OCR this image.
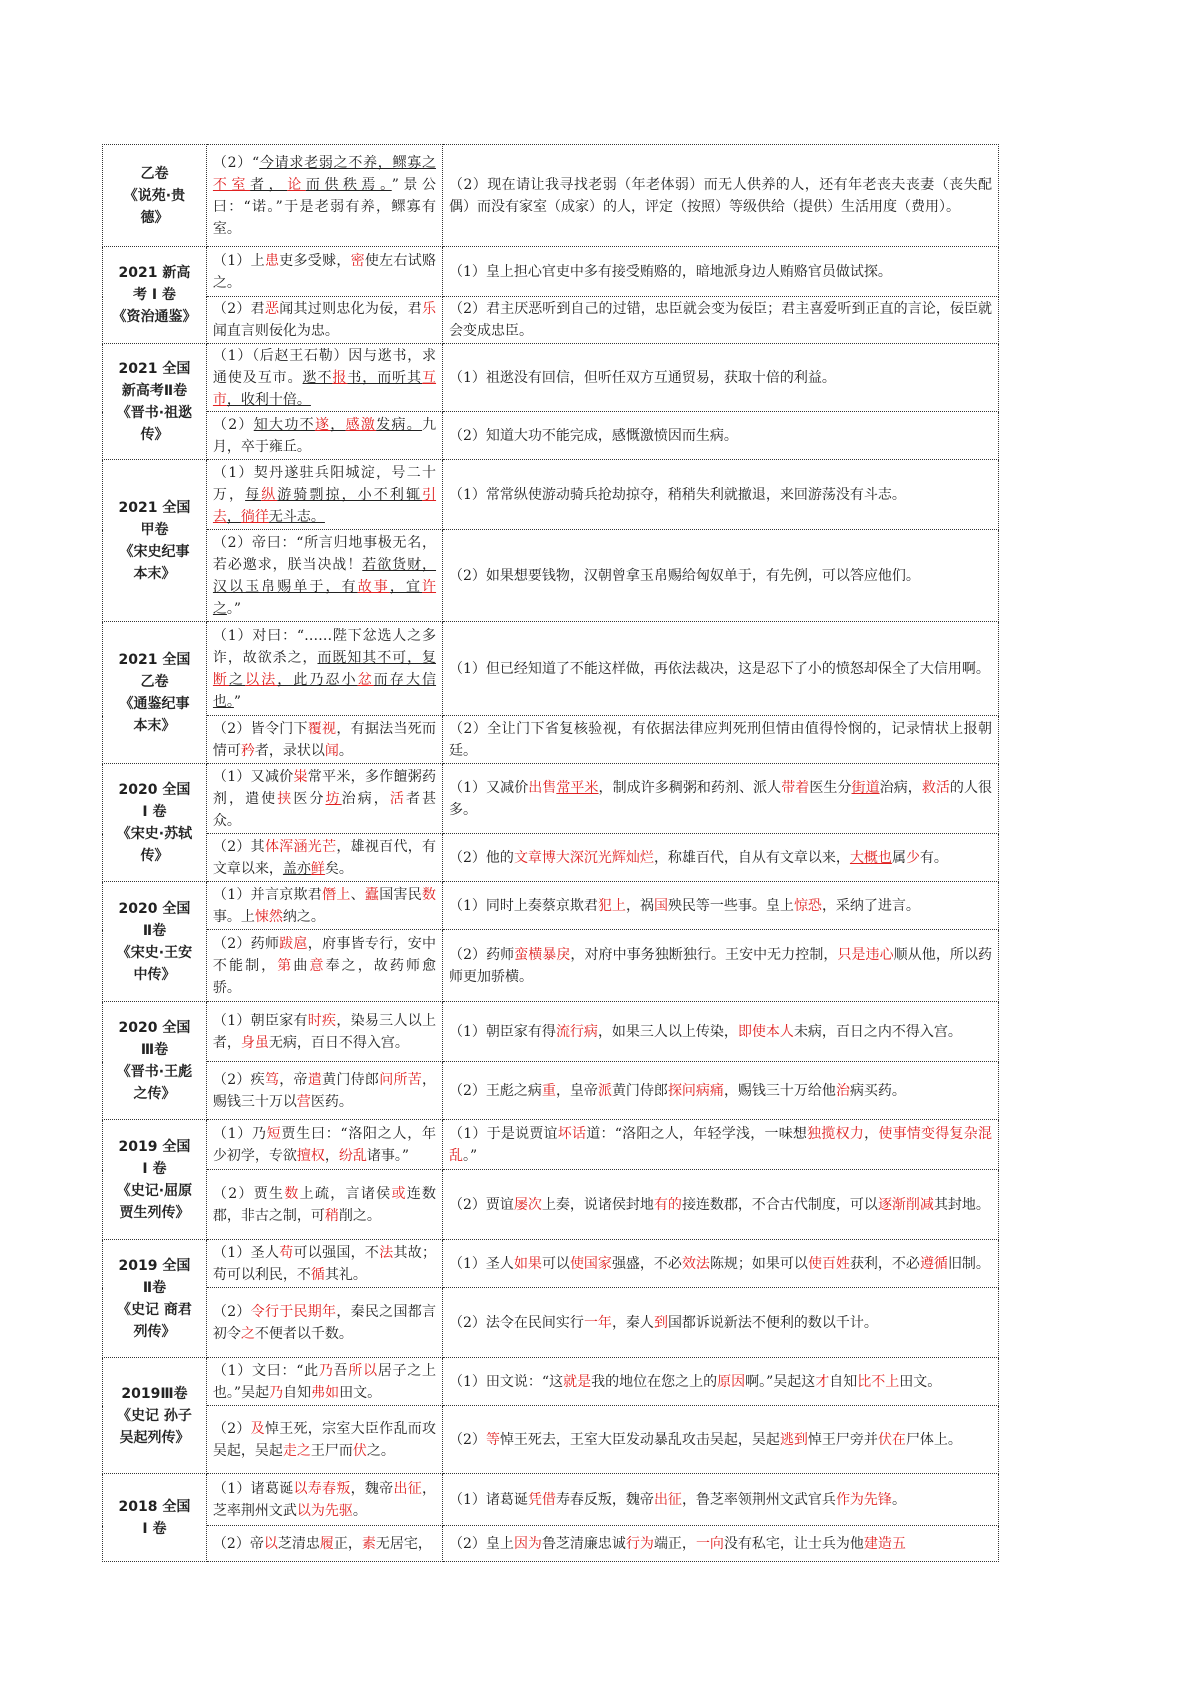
乙卷
《说苑·贵
德》	（2）“今请求老弱之不养，鳏寡之不室者，论而供秩焉。”景公曰：“诺。”于是老弱有养，鳏寡有室。	（2）现在请让我寻找老弱（年老体弱）而无人供养的人，还有年老丧夫丧妻（丧失配偶）而没有家室（成家）的人，评定（按照）等级供给（提供）生活用度（费用）。

2021 新高
考 I 卷
《资治通鉴》	（1）上患吏多受赇，密使左右试赂之。	（1）皇上担心官吏中多有接受贿赂的，暗地派身边人贿赂官员做试探。
	（2）君恶闻其过则忠化为佞，君乐闻直言则佞化为忠。	（2）君主厌恶听到自己的过错，忠臣就会变为佞臣；君主喜爱听到正直的言论，佞臣就会变成忠臣。

2021 全国
新高考Ⅱ卷
《晋书·祖逖
传》	（1）（后赵王石勒）因与逖书，求通使及互市。逖不报书，而听其互市，收利十倍。	（1）祖逖没有回信，但听任双方互通贸易，获取十倍的利益。
	（2）知大功不遂，感激发病。九月，卒于雍丘。	（2）知道大功不能完成，感慨激愤因而生病。

2021 全国
甲卷
《宋史纪事
本末》	（1）契丹遂驻兵阳城淀，号二十万，每纵游骑剽掠，小不利辄引去，徜徉无斗志。	（1）常常纵使游动骑兵抢劫掠夺，稍稍失利就撤退，来回游荡没有斗志。
	（2）帝曰：“所言归地事极无名，若必邀求，朕当决战！若欲货财，汉以玉帛赐单于，有故事，宜许之。”	（2）如果想要钱物，汉朝曾拿玉帛赐给匈奴单于，有先例，可以答应他们。

2021 全国
乙卷
《通鉴纪事
本末》	（1）对曰：“……陛下忿选人之多诈，故欲杀之，而既知其不可，复断之以法，此乃忍小忿而存大信也。”	（1）但已经知道了不能这样做，再依法裁决，这是忍下了小的愤怒却保全了大信用啊。
	（2）皆令门下覆视，有据法当死而情可矜者，录状以闻。	（2）全让门下省复核验视，有依据法律应判死刑但情由值得怜悯的，记录情状上报朝廷。

2020 全国
I 卷
《宋史·苏轼
传》	（1）又减价粜常平米，多作饘粥药剂，遣使挟医分坊治病，活者甚众。	（1）又减价出售常平米，制成许多稠粥和药剂、派人带着医生分街道治病，救活的人很多。
	（2）其体浑涵光芒，雄视百代，有文章以来，盖亦鲜矣。	（2）他的文章博大深沉光辉灿烂，称雄百代，自从有文章以来，大概也属少有。

2020 全国
Ⅱ卷
《宋史·王安
中传》	（1）并言京欺君僭上、蠹国害民数事。上悚然纳之。	（1）同时上奏蔡京欺君犯上，祸国殃民等一些事。皇上惊恐，采纳了进言。
	（2）药师跋扈，府事皆专行，安中不能制，第曲意奉之，故药师愈骄。	（2）药师蛮横暴戾，对府中事务独断独行。王安中无力控制，只是违心顺从他，所以药师更加骄横。

2020 全国
Ⅲ卷
《晋书·王彪
之传》	（1）朝臣家有时疾，染易三人以上者，身虽无病，百日不得入宫。	（1）朝臣家有得流行病，如果三人以上传染，即使本人未病，百日之内不得入宫。
	（2）疾笃，帝遣黄门侍郎问所苦，赐钱三十万以营医药。	（2）王彪之病重，皇帝派黄门侍郎探问病痛，赐钱三十万给他治病买药。

2019 全国
I 卷
《史记·屈原
贾生列传》	（1）乃短贾生曰：“洛阳之人，年少初学，专欲擅权，纷乱诸事。”	（1）于是说贾谊坏话道：“洛阳之人，年轻学浅，一味想独揽权力，使事情变得复杂混乱。”
	（2）贾生数上疏，言诸侯或连数郡，非古之制，可稍削之。	（2）贾谊屡次上奏，说诸侯封地有的接连数郡，不合古代制度，可以逐渐削减其封地。

2019 全国
Ⅱ卷
《史记 商君
列传》	（1）圣人苟可以强国，不法其故；苟可以利民，不循其礼。	（1）圣人如果可以使国家强盛，不必效法陈规；如果可以使百姓获利，不必遵循旧制。
	（2）令行于民期年，秦民之国都言初令之不便者以千数。	（2）法令在民间实行一年，秦人到国都诉说新法不便利的数以千计。

2019Ⅲ卷
《史记 孙子
吴起列传》	（1）文曰：“此乃吾所以居子之上也。”吴起乃自知弗如田文。	（1）田文说：“这就是我的地位在您之上的原因啊。”吴起这才自知比不上田文。
	（2）及悼王死，宗室大臣作乱而攻吴起，吴起走之王尸而伏之。	（2）等悼王死去，王室大臣发动暴乱攻击吴起，吴起逃到悼王尸旁并伏在尸体上。

2018 全国
I 卷	（1）诸葛诞以寿春叛，魏帝出征，芝率荆州文武以为先驱。	（1）诸葛诞凭借寿春反叛，魏帝出征，鲁芝率领荆州文武官兵作为先锋。
	（2）帝以芝清忠履正，素无居宅，	（2）皇上因为鲁芝清廉忠诚行为端正，一向没有私宅，让士兵为他建造五
